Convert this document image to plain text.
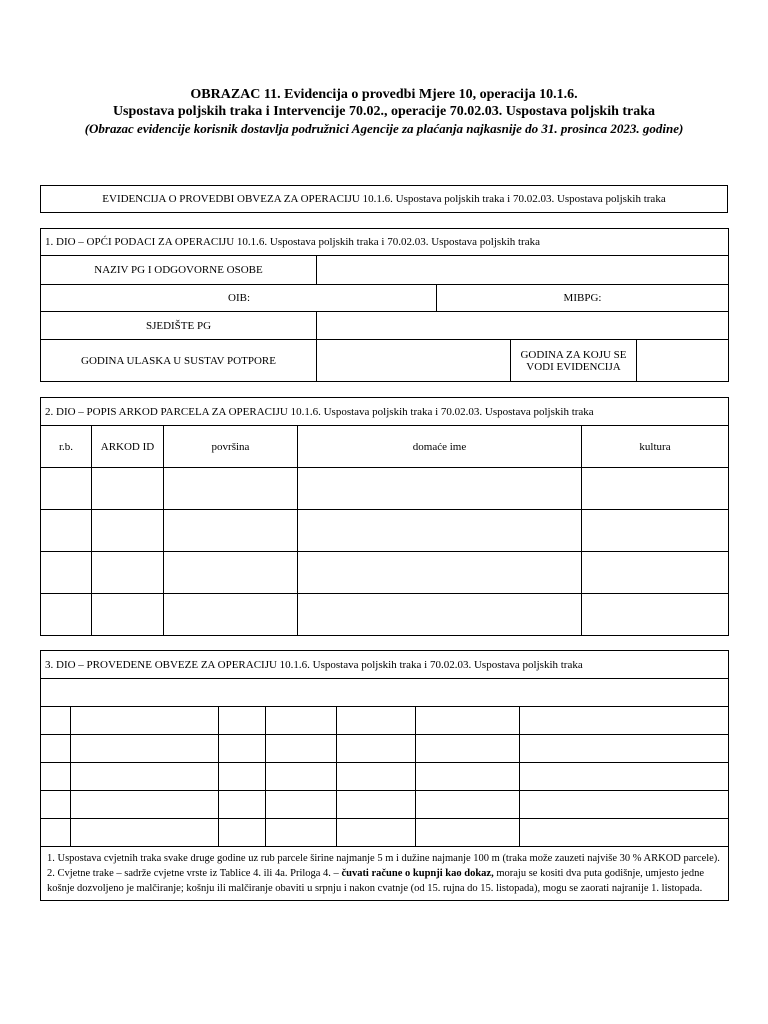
OBRAZAC 11. Evidencija o provedbi Mjere 10, operacija 10.1.6.
Uspostava poljskih traka i Intervencije 70.02., operacije 70.02.03. Uspostava poljskih traka
(Obrazac evidencije korisnik dostavlja podružnici Agencije za plaćanja najkasnije do 31. prosinca 2023. godine)
EVIDENCIJA O PROVEDBI OBVEZA ZA OPERACIJU 10.1.6. Uspostava poljskih traka i 70.02.03. Uspostava poljskih traka
1. DIO – OPĆI PODACI ZA OPERACIJU 10.1.6. Uspostava poljskih traka i 70.02.03. Uspostava poljskih traka				
NAZIV PG I ODGOVORNE OSOBE				
OIB:		MIBPG:		
SJEDIŠTE PG				
GODINA ULASKA U SUSTAV POTPORE			GODINA ZA KOJU SE VODI EVIDENCIJA	
2. DIO – POPIS ARKOD PARCELA ZA OPERACIJU 10.1.6. Uspostava poljskih traka i 70.02.03. Uspostava poljskih traka				
r.b.	ARKOD ID	površina	domaće ime	kultura

3. DIO – PROVEDENE OBVEZE ZA OPERACIJU 10.1.6. Uspostava poljskih traka i 70.02.03. Uspostava poljskih traka						

1. Uspostava cvjetnih traka svake druge godine uz rub parcele širine najmanje 5 m i dužine najmanje 100 m (traka može zauzeti najviše 30 % ARKOD parcele).
2. Cvjetne trake – sadrže cvjetne vrste iz Tablice 4. ili 4a. Priloga 4. – čuvati račune o kupnji kao dokaz, moraju se kositi dva puta godišnje, umjesto jedne košnje dozvoljeno je malčiranje; košnju ili malčiranje obaviti u srpnju i nakon cvatnje (od 15. rujna do 15. listopada), mogu se zaorati najranije 1. listopada.						
